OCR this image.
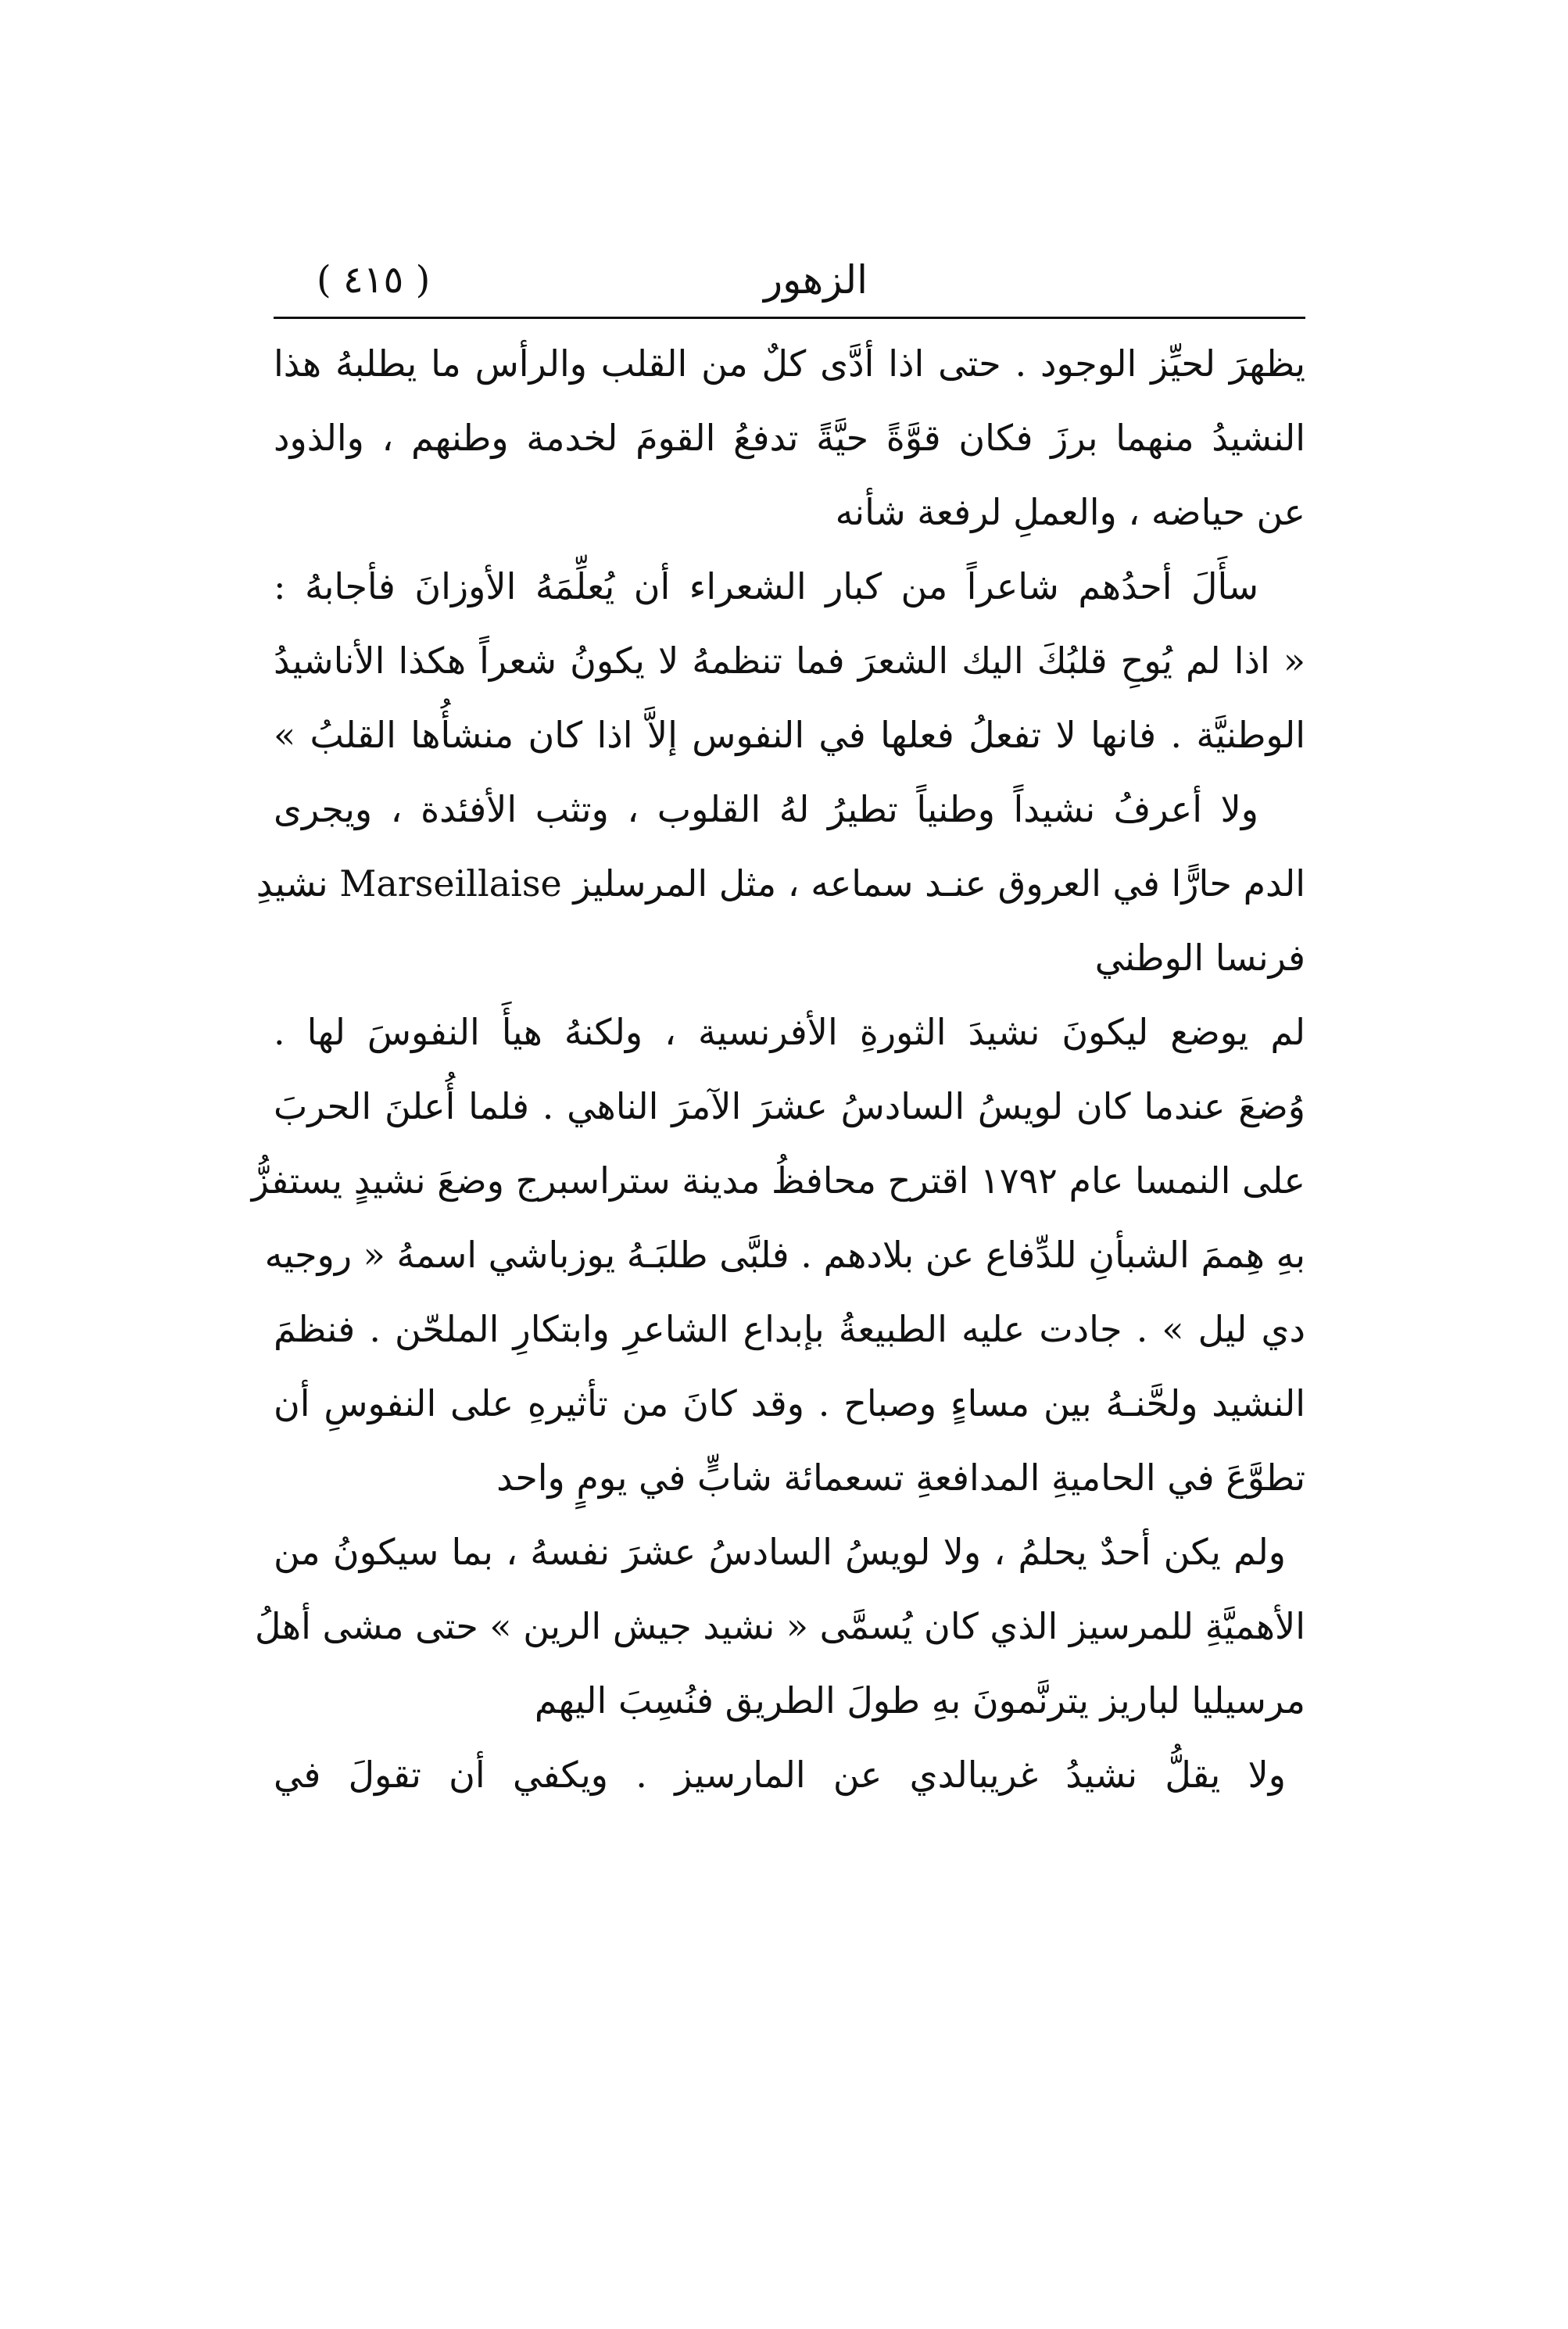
الزهور
( ٤١٥ )
يظهرَ لحيِّز الوجود . حتى اذا أدَّى كلٌ من القلب والرأس ما يطلبهُ هذا
النشيدُ منهما برزَ فكان قوَّةً حيَّةً تدفعُ القومَ لخدمة وطنهم ، والذود
عن حياضه ، والعملِ لرفعة شأنه
سأَلَ أحدُهم شاعراً من كبار الشعراء أن يُعلِّمَهُ الأوزانَ فأجابهُ :
« اذا لم يُوحِ قلبُكَ اليك الشعرَ فما تنظمهُ لا يكونُ شعراً هكذا الأناشيدُ
الوطنيَّة . فانها لا تفعلُ فعلها في النفوس إلاَّ اذا كان منشأُها القلبُ »
ولا أعرفُ نشيداً وطنياً تطيرُ لهُ القلوب ، وتثب الأفئدة ، ويجرى
الدم حارًّا في العروق عنـد سماعه ، مثل المرسليز Marseillaise نشيدِ
فرنسا الوطني
لم يوضع ليكونَ نشيدَ الثورةِ الأفرنسية ، ولكنهُ هيأَ النفوسَ لها .
وُضعَ عندما كان لويسُ السادسُ عشرَ الآمرَ الناهي . فلما أُعلنَ الحربَ
على النمسا عام ١٧٩٢ اقترح محافظُ مدينة ستراسبرج وضعَ نشيدٍ يستفزُّ
بهِ هِممَ الشبأنِ للدِّفاع عن بلادهم . فلبَّى طلبَـهُ يوزباشي اسمهُ « روجيه
دي ليل » . جادت عليه الطبيعةُ بإبداع الشاعرِ وابتكارِ الملحّن . فنظمَ
النشيد ولحَّنـهُ بين مساءٍ وصباح . وقد كانَ من تأثيرهِ على النفوسِ أن
تطوَّعَ في الحاميةِ المدافعةِ تسعمائة شابٍّ في يومٍ واحد
ولم يكن أحدٌ يحلمُ ، ولا لويسُ السادسُ عشرَ نفسهُ ، بما سيكونُ من
الأهميَّةِ للمرسيز الذي كان يُسمَّى « نشيد جيش الرين » حتى مشى أهلُ
مرسيليا لباريز يترنَّمونَ بهِ طولَ الطريق فنُسِبَ اليهم
ولا يقلُّ نشيدُ غريبالدي عن المارسيز . ويكفي أن تقولَ في
